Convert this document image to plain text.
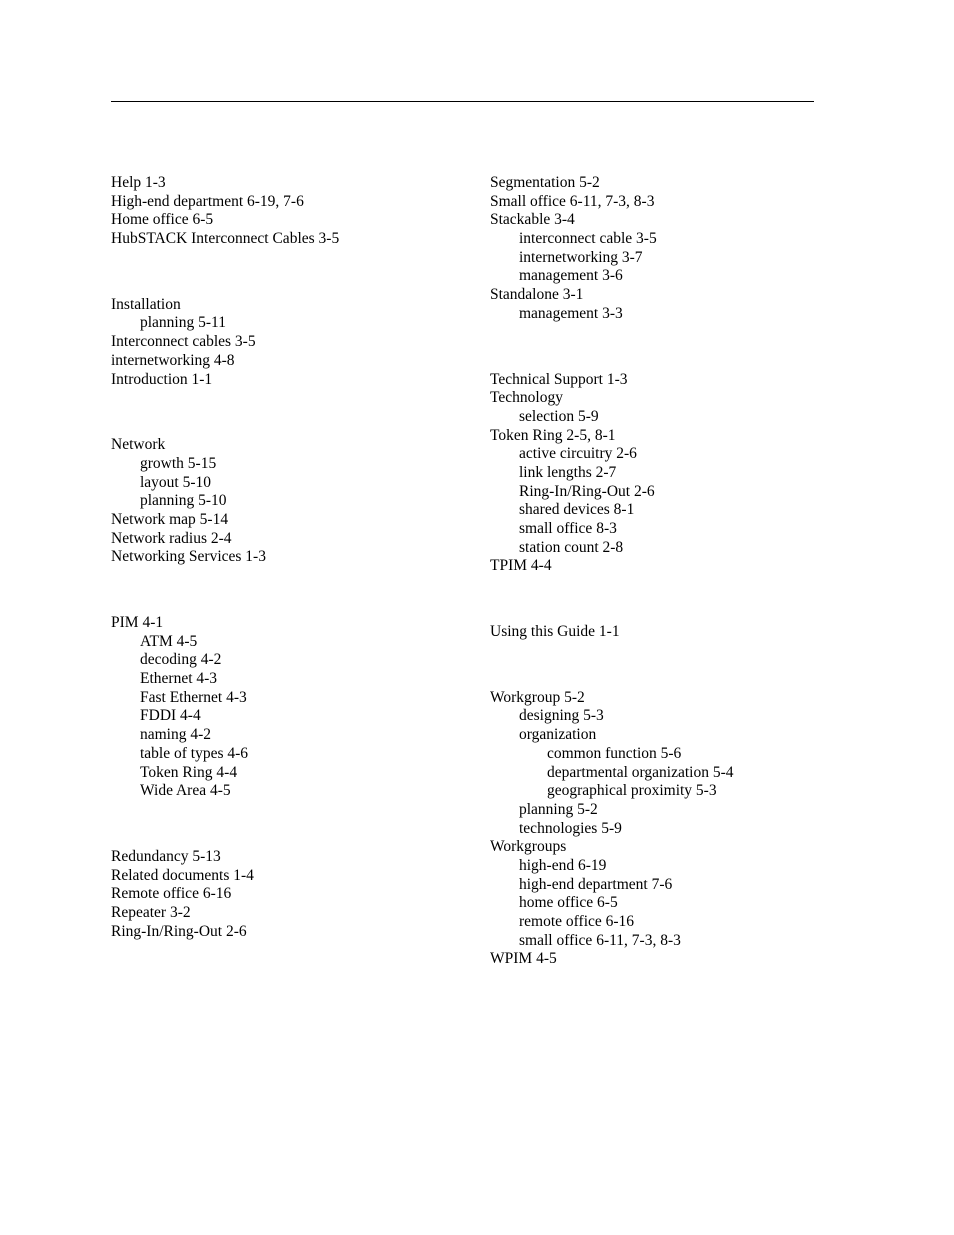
Help 1-3
High-end department 6-19, 7-6
Home office 6-5
HubSTACK Interconnect Cables 3-5
Installation
planning 5-11
Interconnect cables 3-5
internetworking 4-8
Introduction 1-1
Network
growth 5-15
layout 5-10
planning 5-10
Network map 5-14
Network radius 2-4
Networking Services 1-3
PIM 4-1
ATM 4-5
decoding 4-2
Ethernet 4-3
Fast Ethernet 4-3
FDDI 4-4
naming 4-2
table of types 4-6
Token Ring 4-4
Wide Area 4-5
Redundancy 5-13
Related documents 1-4
Remote office 6-16
Repeater 3-2
Ring-In/Ring-Out 2-6
Segmentation 5-2
Small office 6-11, 7-3, 8-3
Stackable 3-4
interconnect cable 3-5
internetworking 3-7
management 3-6
Standalone 3-1
management 3-3
Technical Support 1-3
Technology
selection 5-9
Token Ring 2-5, 8-1
active circuitry 2-6
link lengths 2-7
Ring-In/Ring-Out 2-6
shared devices 8-1
small office 8-3
station count 2-8
TPIM 4-4
Using this Guide 1-1
Workgroup 5-2
designing 5-3
organization
common function 5-6
departmental organization 5-4
geographical proximity 5-3
planning 5-2
technologies 5-9
Workgroups
high-end 6-19
high-end department 7-6
home office 6-5
remote office 6-16
small office 6-11, 7-3, 8-3
WPIM 4-5
